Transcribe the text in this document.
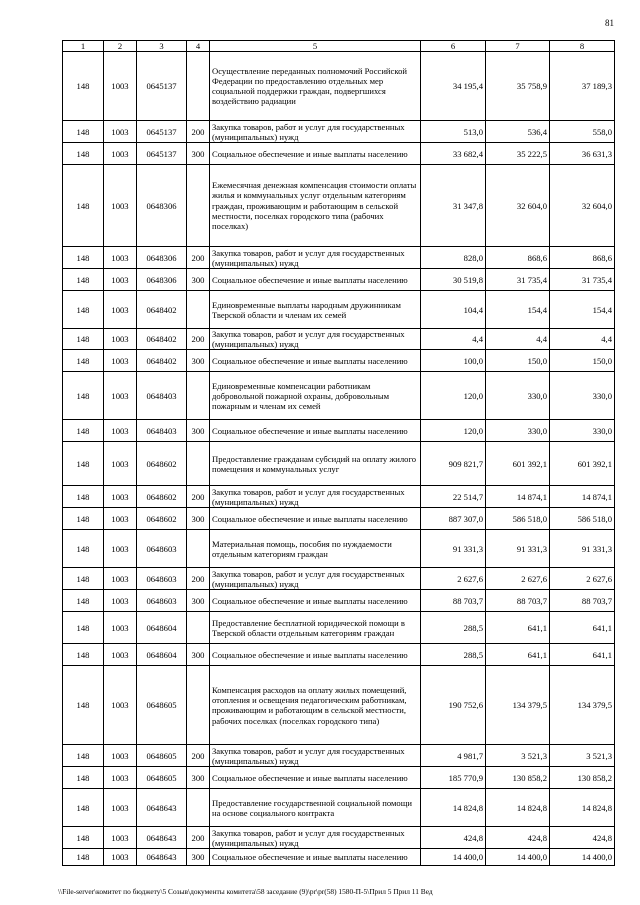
81
1	2	3	4	5	6	7	8
148	1003	0645137		Осуществление переданных полномочий Российской Федерации по предоставлению отдельных мер социальной поддержки граждан, подвергшихся воздействию радиации	34 195,4	35 758,9	37 189,3
148	1003	0645137	200	Закупка товаров, работ и услуг для государственных (муниципальных) нужд	513,0	536,4	558,0
148	1003	0645137	300	Социальное обеспечение и иные выплаты населению	33 682,4	35 222,5	36 631,3
148	1003	0648306		Ежемесячная денежная компенсация стоимости оплаты жилья и коммунальных услуг отдельным категориям граждан, проживающим и работающим в сельской местности, поселках городского типа (рабочих поселках)	31 347,8	32 604,0	32 604,0
148	1003	0648306	200	Закупка товаров, работ и услуг для государственных (муниципальных) нужд	828,0	868,6	868,6
148	1003	0648306	300	Социальное обеспечение и иные выплаты населению	30 519,8	31 735,4	31 735,4
148	1003	0648402		Единовременные выплаты народным дружинникам Тверской области и членам их семей	104,4	154,4	154,4
148	1003	0648402	200	Закупка товаров, работ и услуг для государственных (муниципальных) нужд	4,4	4,4	4,4
148	1003	0648402	300	Социальное обеспечение и иные выплаты населению	100,0	150,0	150,0
148	1003	0648403		Единовременные компенсации работникам добровольной пожарной охраны, добровольным пожарным и членам их семей	120,0	330,0	330,0
148	1003	0648403	300	Социальное обеспечение и иные выплаты населению	120,0	330,0	330,0
148	1003	0648602		Предоставление гражданам субсидий на оплату жилого помещения и коммунальных услуг	909 821,7	601 392,1	601 392,1
148	1003	0648602	200	Закупка товаров, работ и услуг для государственных (муниципальных) нужд	22 514,7	14 874,1	14 874,1
148	1003	0648602	300	Социальное обеспечение и иные выплаты населению	887 307,0	586 518,0	586 518,0
148	1003	0648603		Материальная помощь, пособия по нуждаемости отдельным категориям граждан	91 331,3	91 331,3	91 331,3
148	1003	0648603	200	Закупка товаров, работ и услуг для государственных (муниципальных) нужд	2 627,6	2 627,6	2 627,6
148	1003	0648603	300	Социальное обеспечение и иные выплаты населению	88 703,7	88 703,7	88 703,7
148	1003	0648604		Предоставление бесплатной юридической помощи в Тверской области отдельным категориям граждан	288,5	641,1	641,1
148	1003	0648604	300	Социальное обеспечение и иные выплаты населению	288,5	641,1	641,1
148	1003	0648605		Компенсация расходов на оплату жилых помещений, отопления и освещения педагогическим работникам, проживающим и работающим в сельской местности, рабочих поселках (поселках городского типа)	190 752,6	134 379,5	134 379,5
148	1003	0648605	200	Закупка товаров, работ и услуг для государственных (муниципальных) нужд	4 981,7	3 521,3	3 521,3
148	1003	0648605	300	Социальное обеспечение и иные выплаты населению	185 770,9	130 858,2	130 858,2
148	1003	0648643		Предоставление государственной социальной помощи на основе социального контракта	14 824,8	14 824,8	14 824,8
148	1003	0648643	200	Закупка товаров, работ и услуг для государственных (муниципальных) нужд	424,8	424,8	424,8
148	1003	0648643	300	Социальное обеспечение и иные выплаты населению	14 400,0	14 400,0	14 400,0
\\File-server\комитет по бюджету\5 Созыв\документы комитета\58 заседание (9)\pr\pr(58) 1580-П-5\Прил 5 Прил 11 Вед
